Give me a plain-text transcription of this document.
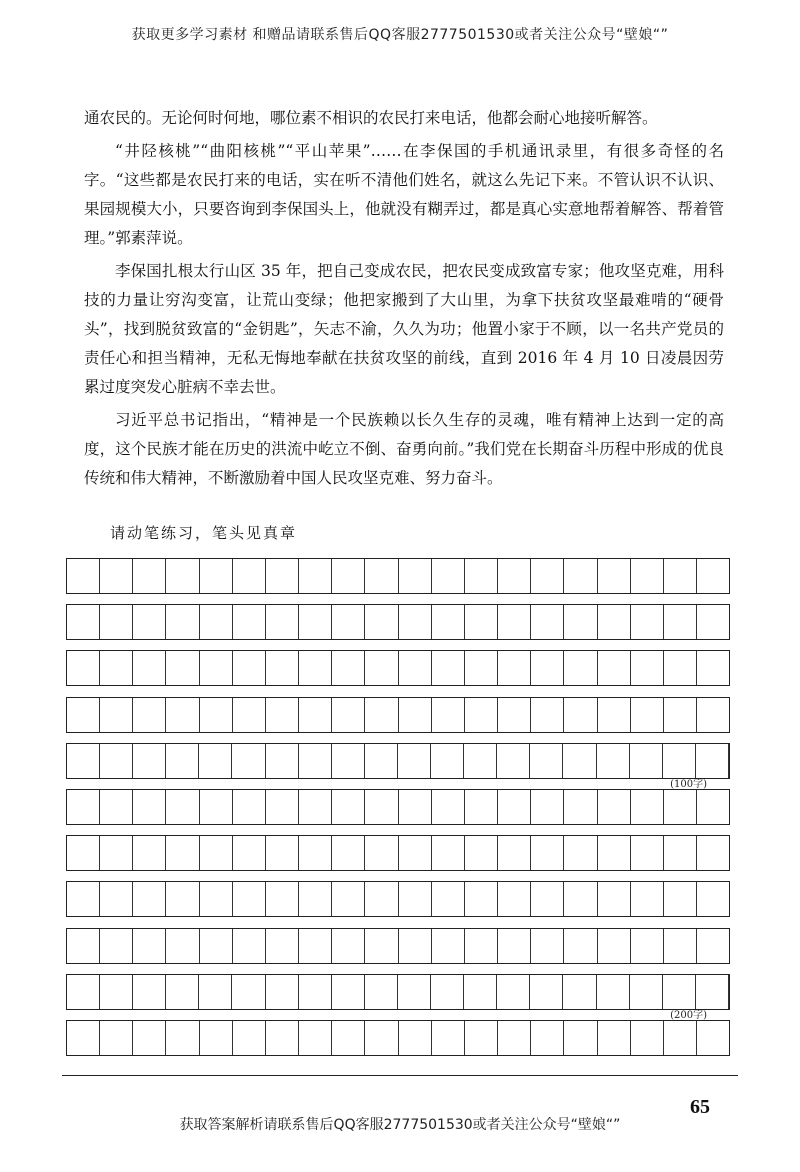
获取更多学习素材 和赠品请联系售后QQ客服2777501530或者关注公众号“壁娘“”

通农民的。无论何时何地，哪位素不相识的农民打来电话，他都会耐心地接听解答。

“井陉核桃”“曲阳核桃”“平山苹果”……在李保国的手机通讯录里，有很多奇怪的名字。“这些都是农民打来的电话，实在听不清他们姓名，就这么先记下来。不管认识不认识、果园规模大小，只要咨询到李保国头上，他就没有糊弄过，都是真心实意地帮着解答、帮着管理。”郭素萍说。

李保国扎根太行山区 35 年，把自己变成农民，把农民变成致富专家；他攻坚克难，用科技的力量让穷沟变富，让荒山变绿；他把家搬到了大山里，为拿下扶贫攻坚最难啃的“硬骨头”，找到脱贫致富的“金钥匙”，矢志不渝，久久为功；他置小家于不顾，以一名共产党员的责任心和担当精神，无私无悔地奉献在扶贫攻坚的前线，直到 2016 年 4 月 10 日凌晨因劳累过度突发心脏病不幸去世。

习近平总书记指出，“精神是一个民族赖以长久生存的灵魂，唯有精神上达到一定的高度，这个民族才能在历史的洪流中屹立不倒、奋勇向前。”我们党在长期奋斗历程中形成的优良传统和伟大精神，不断激励着中国人民攻坚克难、努力奋斗。

请动笔练习，笔头见真章
(100字)
(200字)
65
获取答案解析请联系售后QQ客服2777501530或者关注公众号“壁娘“”
